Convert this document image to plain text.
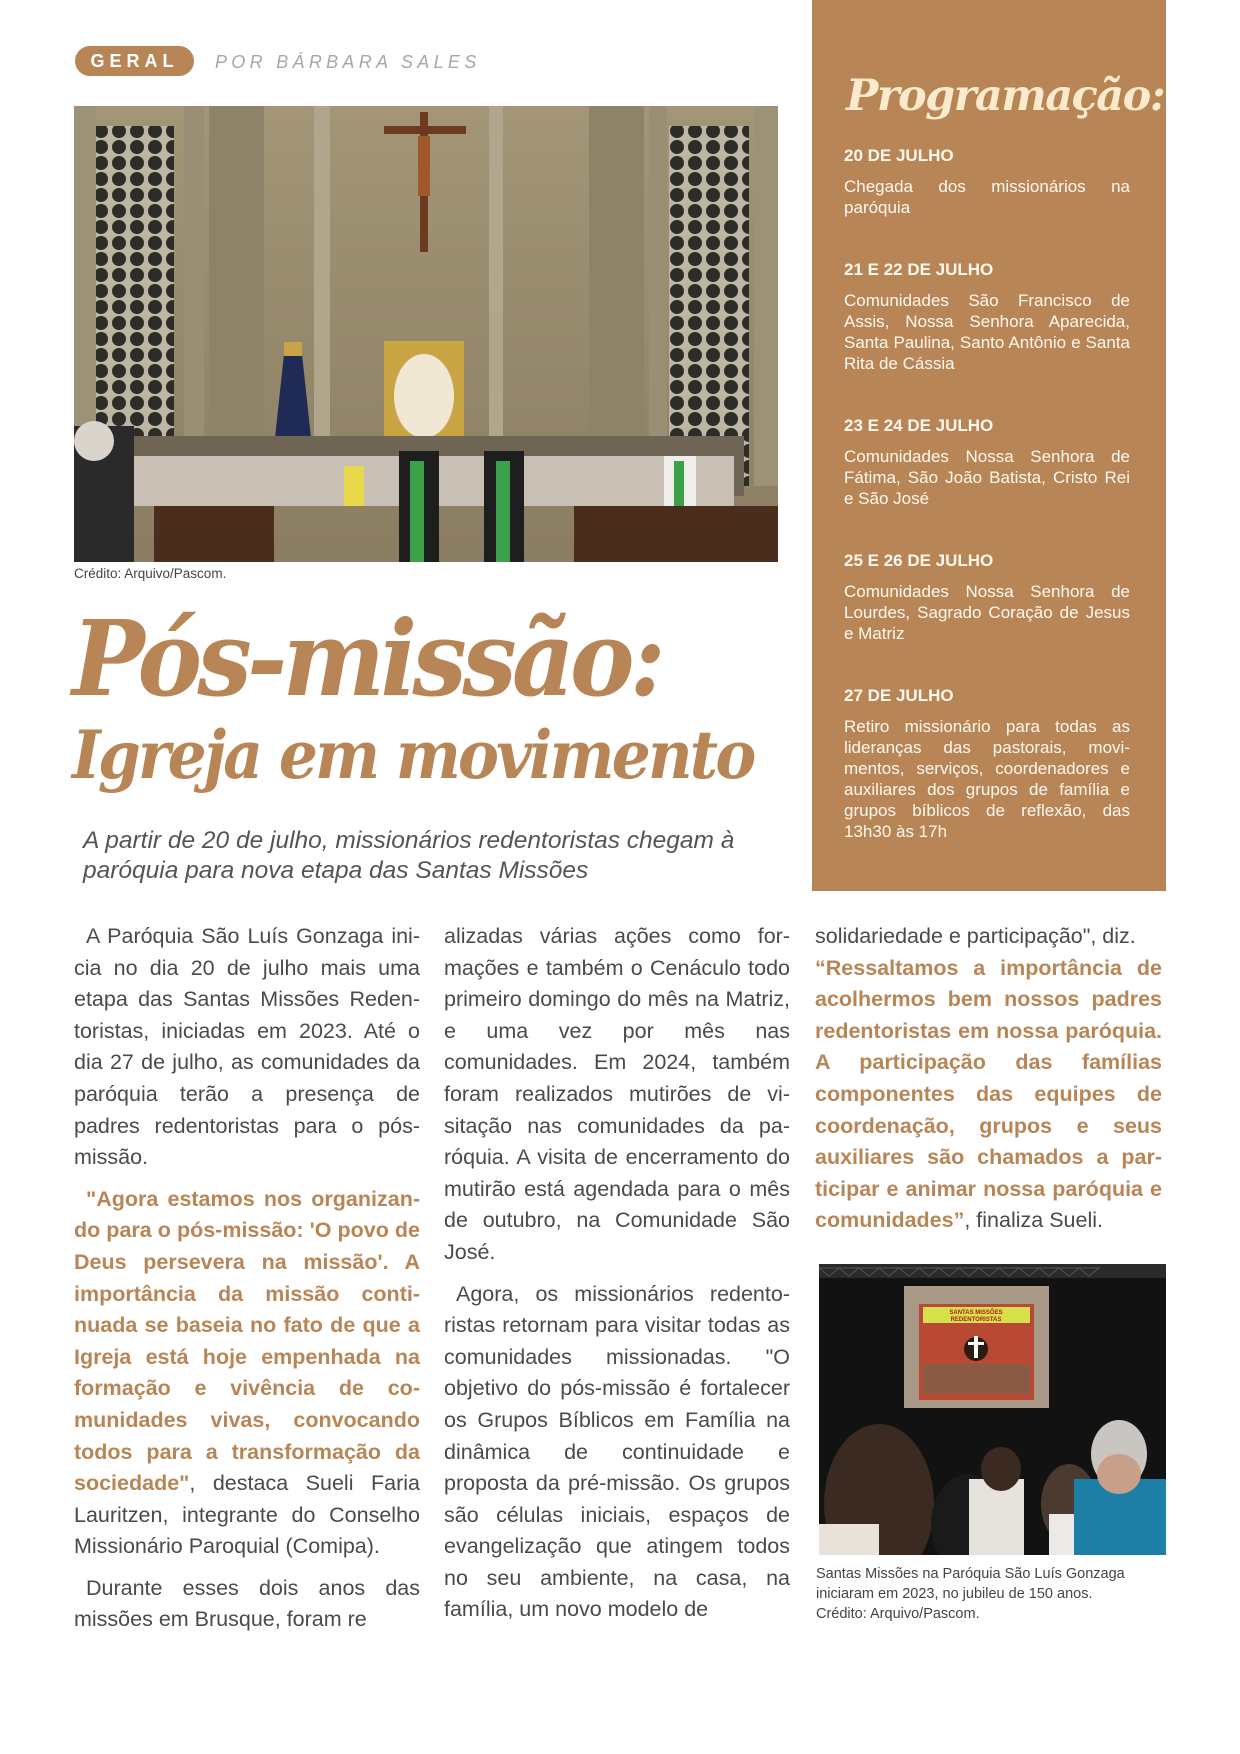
GERAL	POR BÁRBARA SALES
Crédito: Arquivo/Pascom.
Pós-missão:
Igreja em movimento

A partir de 20 de julho, missionários redentoristas chegam à paróquia para nova etapa das Santas Missões

Programação:
20 DE JULHO
Chegada dos missionários na paróquia
21 E 22 DE JULHO
Comunidades São Francisco de Assis, Nossa Senhora Aparecida, Santa Paulina, Santo Antônio e Santa Rita de Cássia
23 E 24 DE JULHO
Comunidades Nossa Senhora de Fátima, São João Batista, Cristo Rei e São José
25 E 26 DE JULHO
Comunidades Nossa Senhora de Lourdes, Sagrado Coração de Jesus e Matriz
27 DE JULHO
Retiro missionário para todas as lideranças das pastorais, movimentos, serviços, coordenadores e auxiliares dos grupos de família e grupos bíblicos de reflexão, das 13h30 às 17h

A Paróquia São Luís Gonzaga inicia no dia 20 de julho mais uma etapa das Santas Missões Redentoristas, iniciadas em 2023. Até o dia 27 de julho, as comunidades da paróquia terão a presença de padres redentoristas para o pós-missão.

"Agora estamos nos organizando para o pós-missão: 'O povo de Deus persevera na missão'. A importância da missão continuada se baseia no fato de que a Igreja está hoje empenhada na formação e vivência de comunidades vivas, convocando todos para a transformação da sociedade", destaca Sueli Faria Lauritzen, integrante do Conselho Missionário Paroquial (Comipa).

Durante esses dois anos das missões em Brusque, foram re

alizadas várias ações como formações e também o Cenáculo todo primeiro domingo do mês na Matriz, e uma vez por mês nas comunidades. Em 2024, também foram realizados mutirões de visitação nas comunidades da paróquia. A visita de encerramento do mutirão está agendada para o mês de outubro, na Comunidade São José.

Agora, os missionários redentoristas retornam para visitar todas as comunidades missionadas. "O objetivo do pós-missão é fortalecer os Grupos Bíblicos em Família na dinâmica de continuidade e proposta da pré-missão. Os grupos são células iniciais, espaços de evangelização que atingem todos no seu ambiente, na casa, na família, um novo modelo de

solidariedade e participação", diz.

“Ressaltamos a importância de acolhermos bem nossos padres redentoristas em nossa paróquia. A participação das famílias componentes das equipes de coordenação, grupos e seus auxiliares são chamados a participar e animar nossa paróquia e comunidades”, finaliza Sueli.

SANTAS MISSÕES
REDENTORISTAS
Santas Missões na Paróquia São Luís Gonzaga iniciaram em 2023, no jubileu de 150 anos.
Crédito: Arquivo/Pascom.
